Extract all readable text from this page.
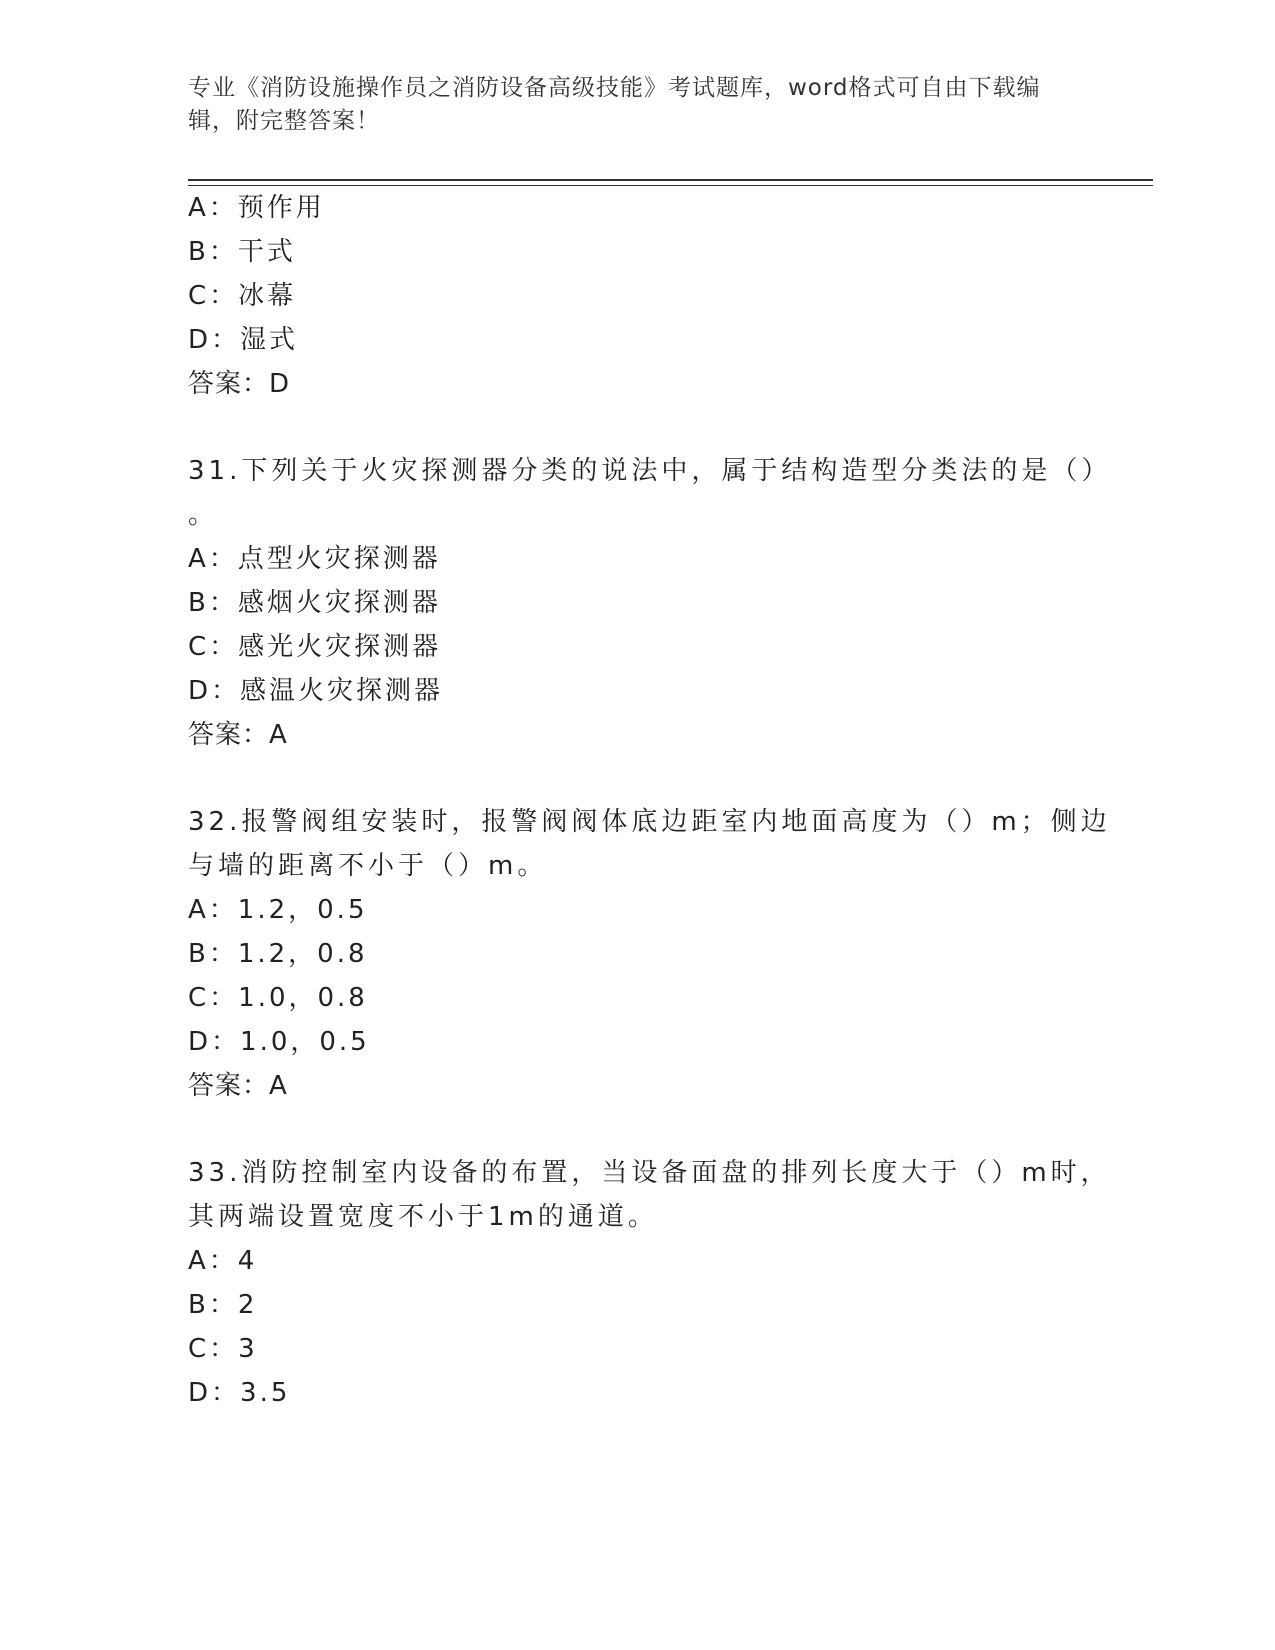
专业《消防设施操作员之消防设备高级技能》考试题库，word格式可自由下载编辑，附完整答案！
A：预作用
B：干式
C：冰幕
D：湿式
答案：D
31.下列关于火灾探测器分类的说法中，属于结构造型分类法的是（）
。
A：点型火灾探测器
B：感烟火灾探测器
C：感光火灾探测器
D：感温火灾探测器
答案：A
32.报警阀组安装时，报警阀阀体底边距室内地面高度为（）m；侧边
与墙的距离不小于（）m。
A：1.2，0.5
B：1.2，0.8
C：1.0，0.8
D：1.0，0.5
答案：A
33.消防控制室内设备的布置，当设备面盘的排列长度大于（）m时，
其两端设置宽度不小于1m的通道。
A：4
B：2
C：3
D：3.5
